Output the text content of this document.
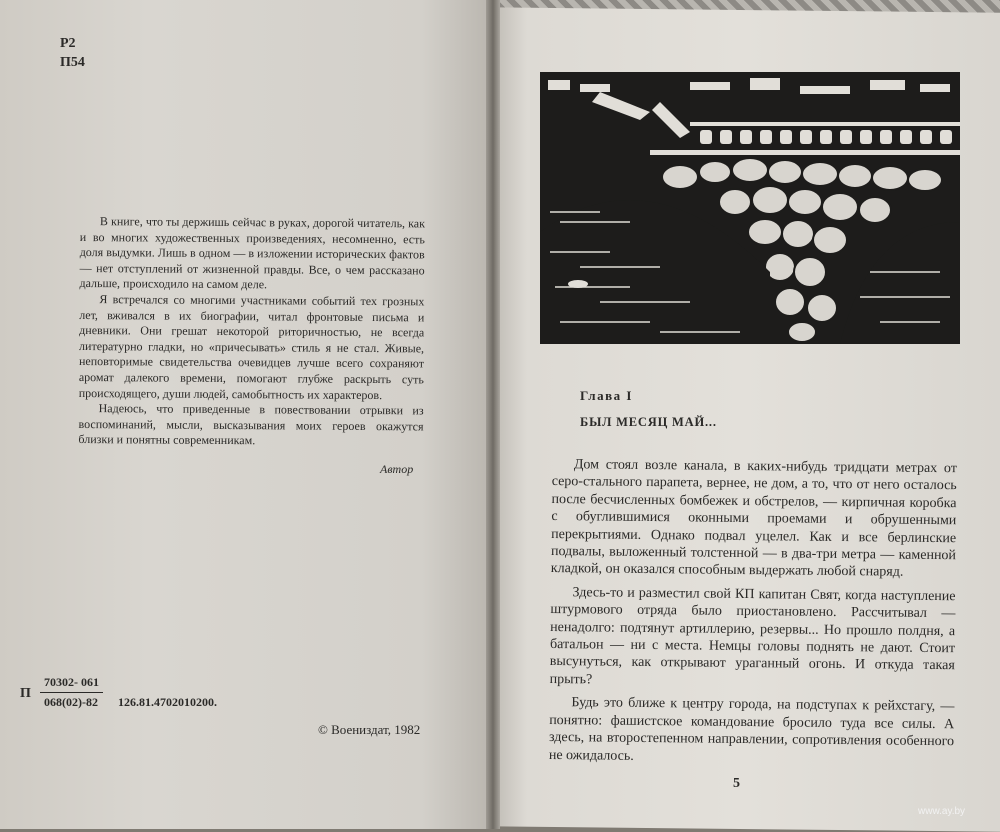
Р2
П54

В книге, что ты держишь сейчас в руках, дорогой читатель, как и во многих художественных произведениях, несомненно, есть доля выдумки. Лишь в одном — в изложении исторических фактов — нет отступлений от жизненной правды. Все, о чем рассказано дальше, происходило на самом деле.

Я встречался со многими участниками событий тех грозных лет, вживался в их биографии, читал фронтовые письма и дневники. Они грешат некоторой риторичностью, не всегда литературно гладки, но «причесывать» стиль я не стал. Живые, неповторимые свидетельства очевидцев лучше всего сохраняют аромат далекого времени, помогают глубже раскрыть суть происходящего, души людей, самобытность их характеров.

Надеюсь, что приведенные в повествовании отрывки из воспоминаний, мысли, высказывания моих героев окажутся близки и понятны современникам.

Автор
П $\frac{70302- 061}{068(02)-82} 126.81.4702010200$.
© Воениздат, 1982
Глава I
БЫЛ МЕСЯЦ МАЙ...

Дом стоял возле канала, в каких-нибудь тридцати метрах от серо-стального парапета, вернее, не дом, а то, что от него осталось после бесчисленных бомбежек и обстрелов, — кирпичная коробка с обуглившимися оконными проемами и обрушенными перекрытиями. Однако подвал уцелел. Как и все берлинские подвалы, выложенный толстенной — в два-три метра — каменной кладкой, он оказался способным выдержать любой снаряд.

Здесь-то и разместил свой КП капитан Свят, когда наступление штурмового отряда было приостановлено. Рассчитывал — ненадолго: подтянут артиллерию, резервы... Но прошло полдня, а батальон — ни с места. Немцы головы поднять не дают. Стоит высунуться, как открывают ураганный огонь. И откуда такая прыть?

Будь это ближе к центру города, на подступах к рейхстагу, — понятно: фашистское командование бросило туда все силы. А здесь, на второстепенном направлении, сопротивления особенного не ожидалось.

5
www.ay.by
